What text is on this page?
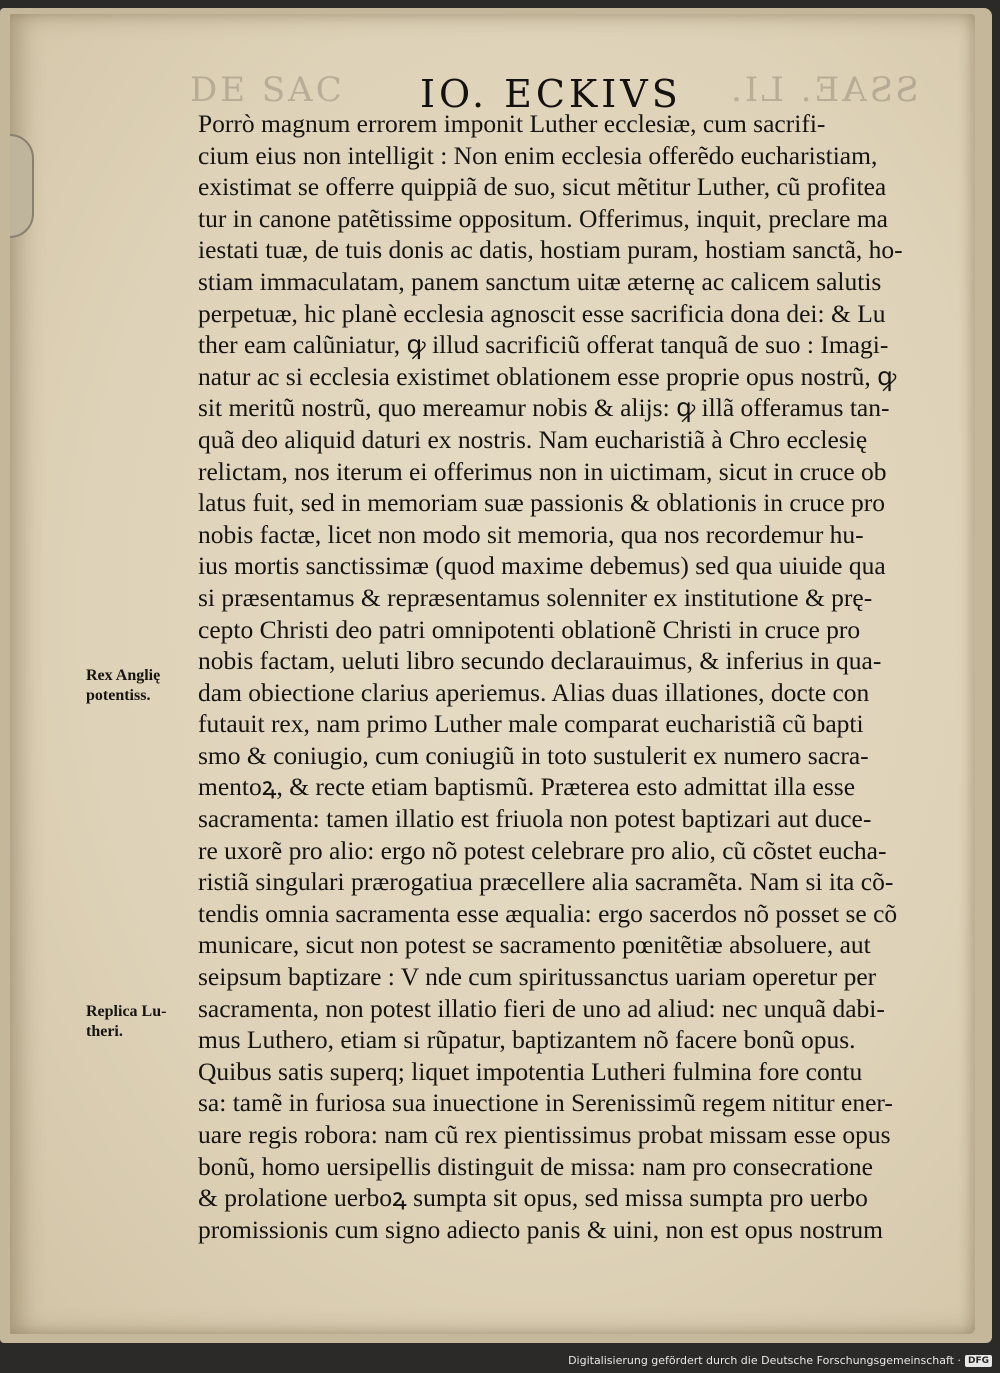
DE SAC	SSAE. LI.
IO. ECKIVS
Porrò magnum errorem imponit Luther ecclesiæ, cum sacrifi-
cium eius non intelligit : Non enim ecclesia offerẽdo eucharistiam,
existimat se offerre quippiã de suo, sicut mẽtitur Luther, cũ profitea
tur in canone patẽtissime oppositum. Offerimus, inquit, preclare ma
iestati tuæ, de tuis donis ac datis, hostiam puram, hostiam sanctã, ho-
stiam immaculatam, panem sanctum uitæ æternę ac calicem salutis
perpetuæ, hic planè ecclesia agnoscit esse sacrificia dona dei: & Lu
ther eam calũniatur, ꝙ illud sacrificiũ offerat tanquã de suo : Imagi-
natur ac si ecclesia existimet oblationem esse proprie opus nostrũ, ꝙ
sit meritũ nostrũ, quo mereamur nobis & alijs: ꝙ illã offeramus tan-
quã deo aliquid daturi ex nostris. Nam eucharistiã à Chro ecclesię
relictam, nos iterum ei offerimus non in uictimam, sicut in cruce ob
latus fuit, sed in memoriam suæ passionis & oblationis in cruce pro
nobis factæ, licet non modo sit memoria, qua nos recordemur hu-
ius mortis sanctissimæ (quod maxime debemus) sed qua uiuide qua
si præsentamus & repræsentamus solenniter ex institutione & prę-
cepto Christi deo patri omnipotenti oblationẽ Christi in cruce pro
nobis factam, ueluti libro secundo declarauimus, & inferius in qua-
dam obiectione clarius aperiemus. Alias duas illationes, docte con
futauit rex, nam primo Luther male comparat eucharistiã cũ bapti
smo & coniugio, cum coniugiũ in toto sustulerit ex numero sacra-
mentoꝝ, & recte etiam baptismũ. Præterea esto admittat illa esse
sacramenta: tamen illatio est friuola non potest baptizari aut duce-
re uxorẽ pro alio: ergo nõ potest celebrare pro alio, cũ cõstet eucha-
ristiã singulari prærogatiua præcellere alia sacramẽta. Nam si ita cõ-
tendis omnia sacramenta esse æqualia: ergo sacerdos nõ posset se cõ
municare, sicut non potest se sacramento pœnitẽtiæ absoluere, aut
seipsum baptizare : V nde cum spiritussanctus uariam operetur per
sacramenta, non potest illatio fieri de uno ad aliud: nec unquã dabi-
mus Luthero, etiam si rũpatur, baptizantem nõ facere bonũ opus.
Quibus satis superq; liquet impotentia Lutheri fulmina fore contu
sa: tamẽ in furiosa sua inuectione in Serenissimũ regem nititur ener-
uare regis robora: nam cũ rex pientissimus probat missam esse opus
bonũ, homo uersipellis distinguit de missa: nam pro consecratione
& prolatione uerboꝝ sumpta sit opus, sed missa sumpta pro uerbo
promissionis cum signo adiecto panis & uini, non est opus nostrum
Rex Anglię
potentiss.
Replica Lu-
theri.
Digitalisierung gefördert durch die Deutsche Forschungsgemeinschaft · DFG
